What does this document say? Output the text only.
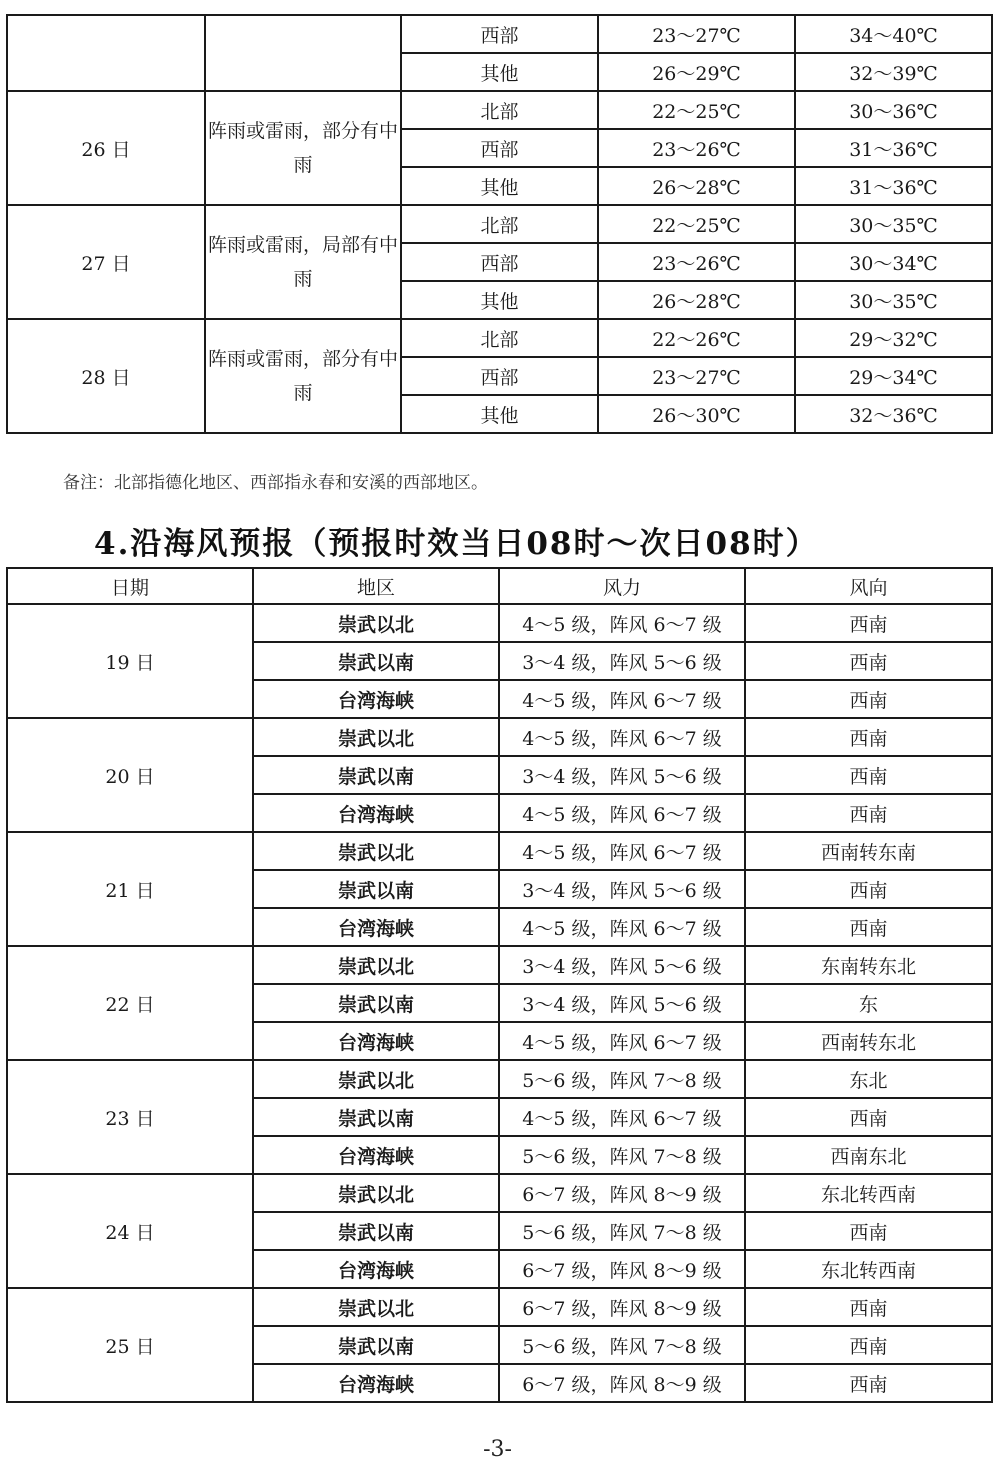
		西部	23～27℃	34～40℃
		其他	26～29℃	32～39℃
26 日	阵雨或雷雨，部分有中雨	北部	22～25℃	30～36℃
		西部	23～26℃	31～36℃
		其他	26～28℃	31～36℃
27 日	阵雨或雷雨，局部有中雨	北部	22～25℃	30～35℃
		西部	23～26℃	30～34℃
		其他	26～28℃	30～35℃
28 日	阵雨或雷雨，部分有中雨	北部	22～26℃	29～32℃
		西部	23～27℃	29～34℃
		其他	26～30℃	32～36℃
备注：北部指德化地区、西部指永春和安溪的西部地区。
4.沿海风预报（预报时效当日08时～次日08时）
日期	地区	风力	风向
19 日	崇武以北	4～5 级，阵风 6～7 级	西南
	崇武以南	3～4 级，阵风 5～6 级	西南
	台湾海峡	4～5 级，阵风 6～7 级	西南
20 日	崇武以北	4～5 级，阵风 6～7 级	西南
	崇武以南	3～4 级，阵风 5～6 级	西南
	台湾海峡	4～5 级，阵风 6～7 级	西南
21 日	崇武以北	4～5 级，阵风 6～7 级	西南转东南
	崇武以南	3～4 级，阵风 5～6 级	西南
	台湾海峡	4～5 级，阵风 6～7 级	西南
22 日	崇武以北	3～4 级，阵风 5～6 级	东南转东北
	崇武以南	3～4 级，阵风 5～6 级	东
	台湾海峡	4～5 级，阵风 6～7 级	西南转东北
23 日	崇武以北	5～6 级，阵风 7～8 级	东北
	崇武以南	4～5 级，阵风 6～7 级	西南
	台湾海峡	5～6 级，阵风 7～8 级	西南东北
24 日	崇武以北	6～7 级，阵风 8～9 级	东北转西南
	崇武以南	5～6 级，阵风 7～8 级	西南
	台湾海峡	6～7 级，阵风 8～9 级	东北转西南
25 日	崇武以北	6～7 级，阵风 8～9 级	西南
	崇武以南	5～6 级，阵风 7～8 级	西南
	台湾海峡	6～7 级，阵风 8～9 级	西南
-3-
